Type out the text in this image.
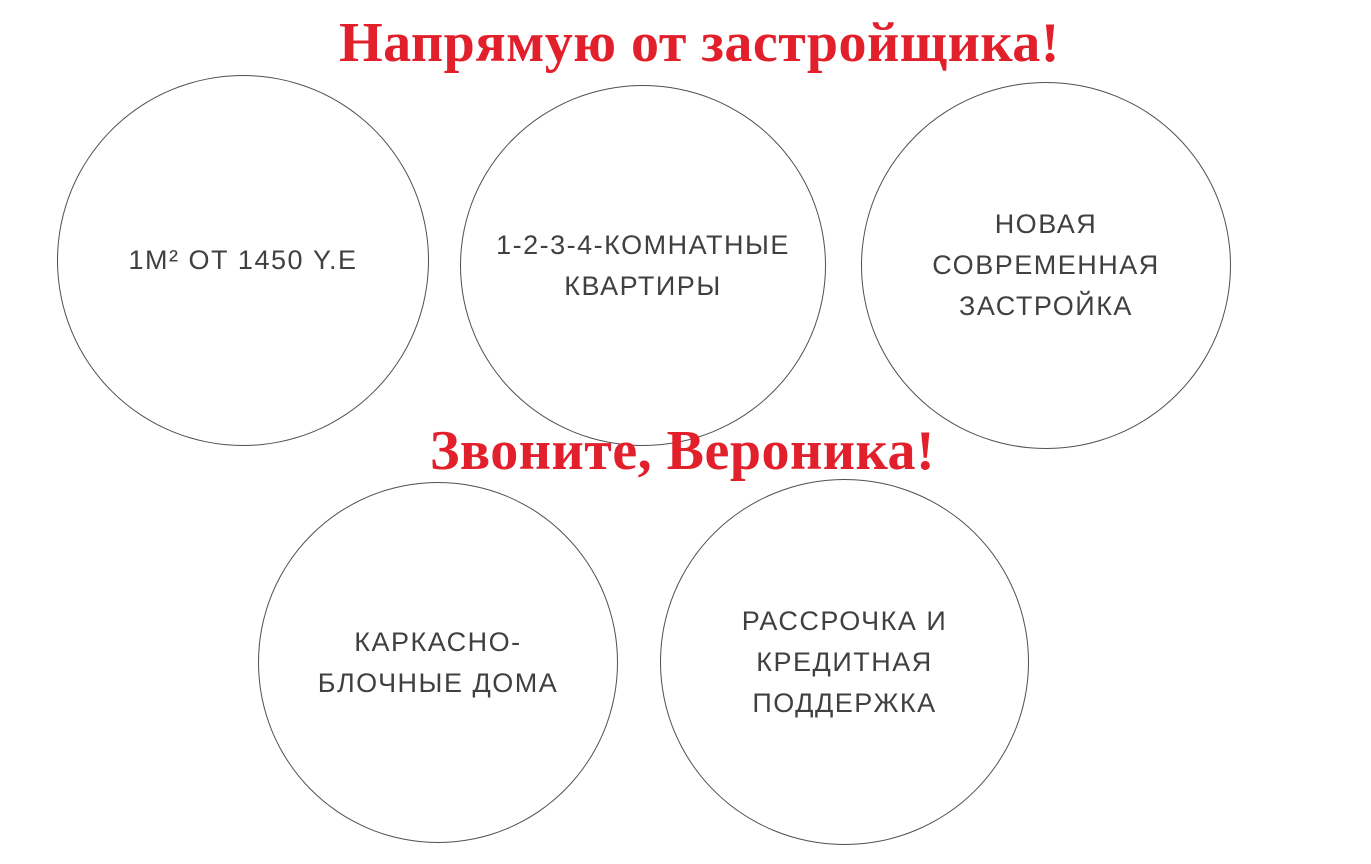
Напрямую от застройщика!
Звоните, Вероника!
1М² ОТ 1450 Y.E
1-2-3-4-КОМНАТНЫЕ
КВАРТИРЫ
НОВАЯ
СОВРЕМЕННАЯ
ЗАСТРОЙКА
КАРКАСНО-
БЛОЧНЫЕ ДОМА
РАССРОЧКА И
КРЕДИТНАЯ
ПОДДЕРЖКА
